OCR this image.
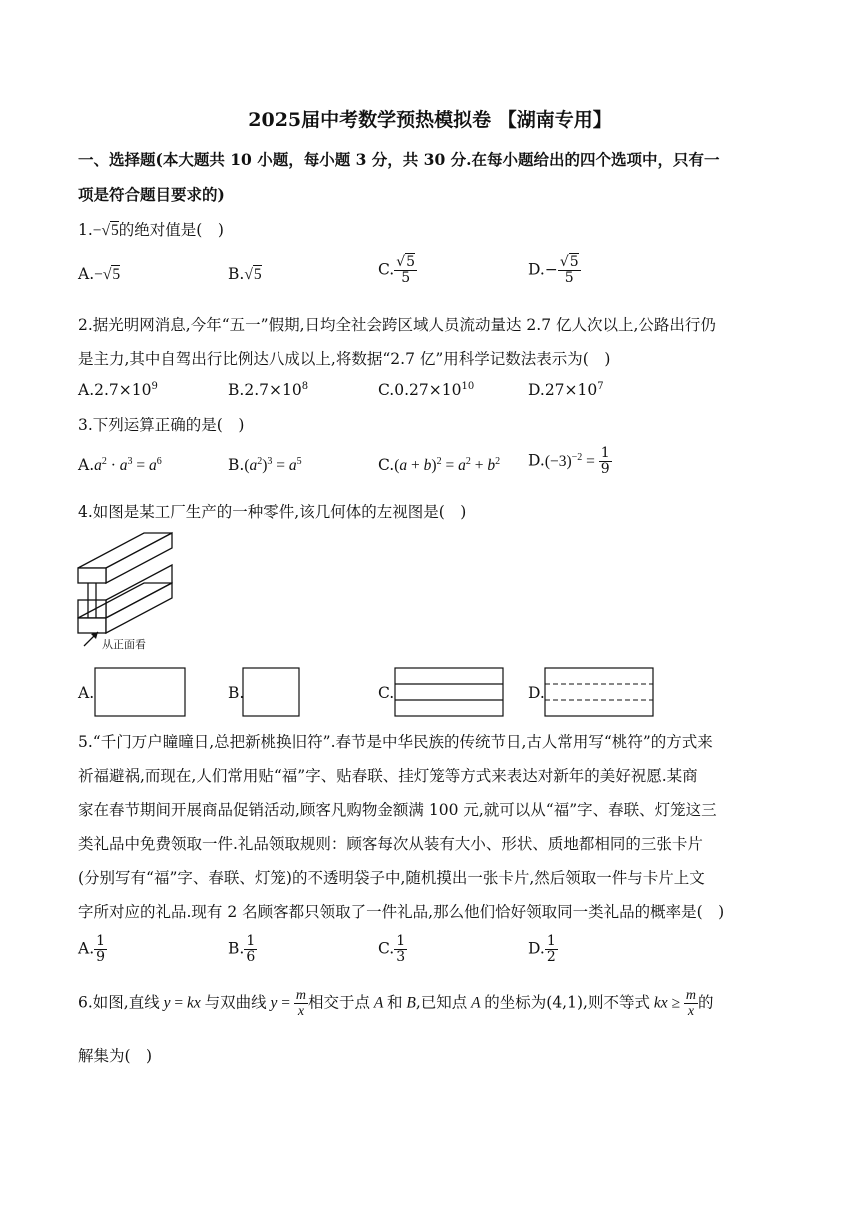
2025届中考数学预热模拟卷 【湖南专用】
一、选择题(本大题共 10 小题，每小题 3 分，共 30 分.在每小题给出的四个选项中，只有一
项是符合题目要求的)
1.−√5的绝对值是(　)
A.−√5	B.√5	C. $\frac{√5}{5}$	$D.- \frac{√5}{5}$
2.据光明网消息,今年“五一”假期,日均全社会跨区域人员流动量达 2.7 亿人次以上,公路出行仍
是主力,其中自驾出行比例达八成以上,将数据“2.7 亿”用科学记数法表示为(　)
$A.2.7\times 10^9$	$B.2.7\times 10^8$	$C.0.27\times 10^{10}$	$D.27\times 10^7$
3.下列运算正确的是(　)
$A.a^2 \cdot a^3 = a^6$	$B.(a^2)^3 = a^5$	$C.(a + b)^2 = a^2 + b^2$ $D.(-3)^{-2} = \frac{1}{9}$
4.如图是某工厂生产的一种零件,该几何体的左视图是(　)
从正面看
A.	B.	C.	D.
5.“千门万户瞳曈日,总把新桃换旧符”.春节是中华民族的传统节日,古人常用写“桃符”的方式来
祈福避祸,而现在,人们常用贴“福”字、贴春联、挂灯笼等方式来表达对新年的美好祝愿.某商
家在春节期间开展商品促销活动,顾客凡购物金额满 100 元,就可以从“福”字、春联、灯笼这三
类礼品中免费领取一件.礼品领取规则：顾客每次从装有大小、形状、质地都相同的三张卡片
(分别写有“福”字、春联、灯笼)的不透明袋子中,随机摸出一张卡片,然后领取一件与卡片上文
字所对应的礼品.现有 2 名顾客都只领取了一件礼品,那么他们恰好领取同一类礼品的概率是(　)
A. $\frac{1}{9}$	B. $\frac{1}{6}$	C. $\frac{1}{3}$	D. $\frac{1}{2}$
6.如图,直线 y = kx 与双曲线 $y = \frac{m}{x}$ 相交于点 A 和 B,已知点 A 的坐标为(4,1),则不等式 kx ≥ $\frac{m}{x}$ 的
解集为(　)
